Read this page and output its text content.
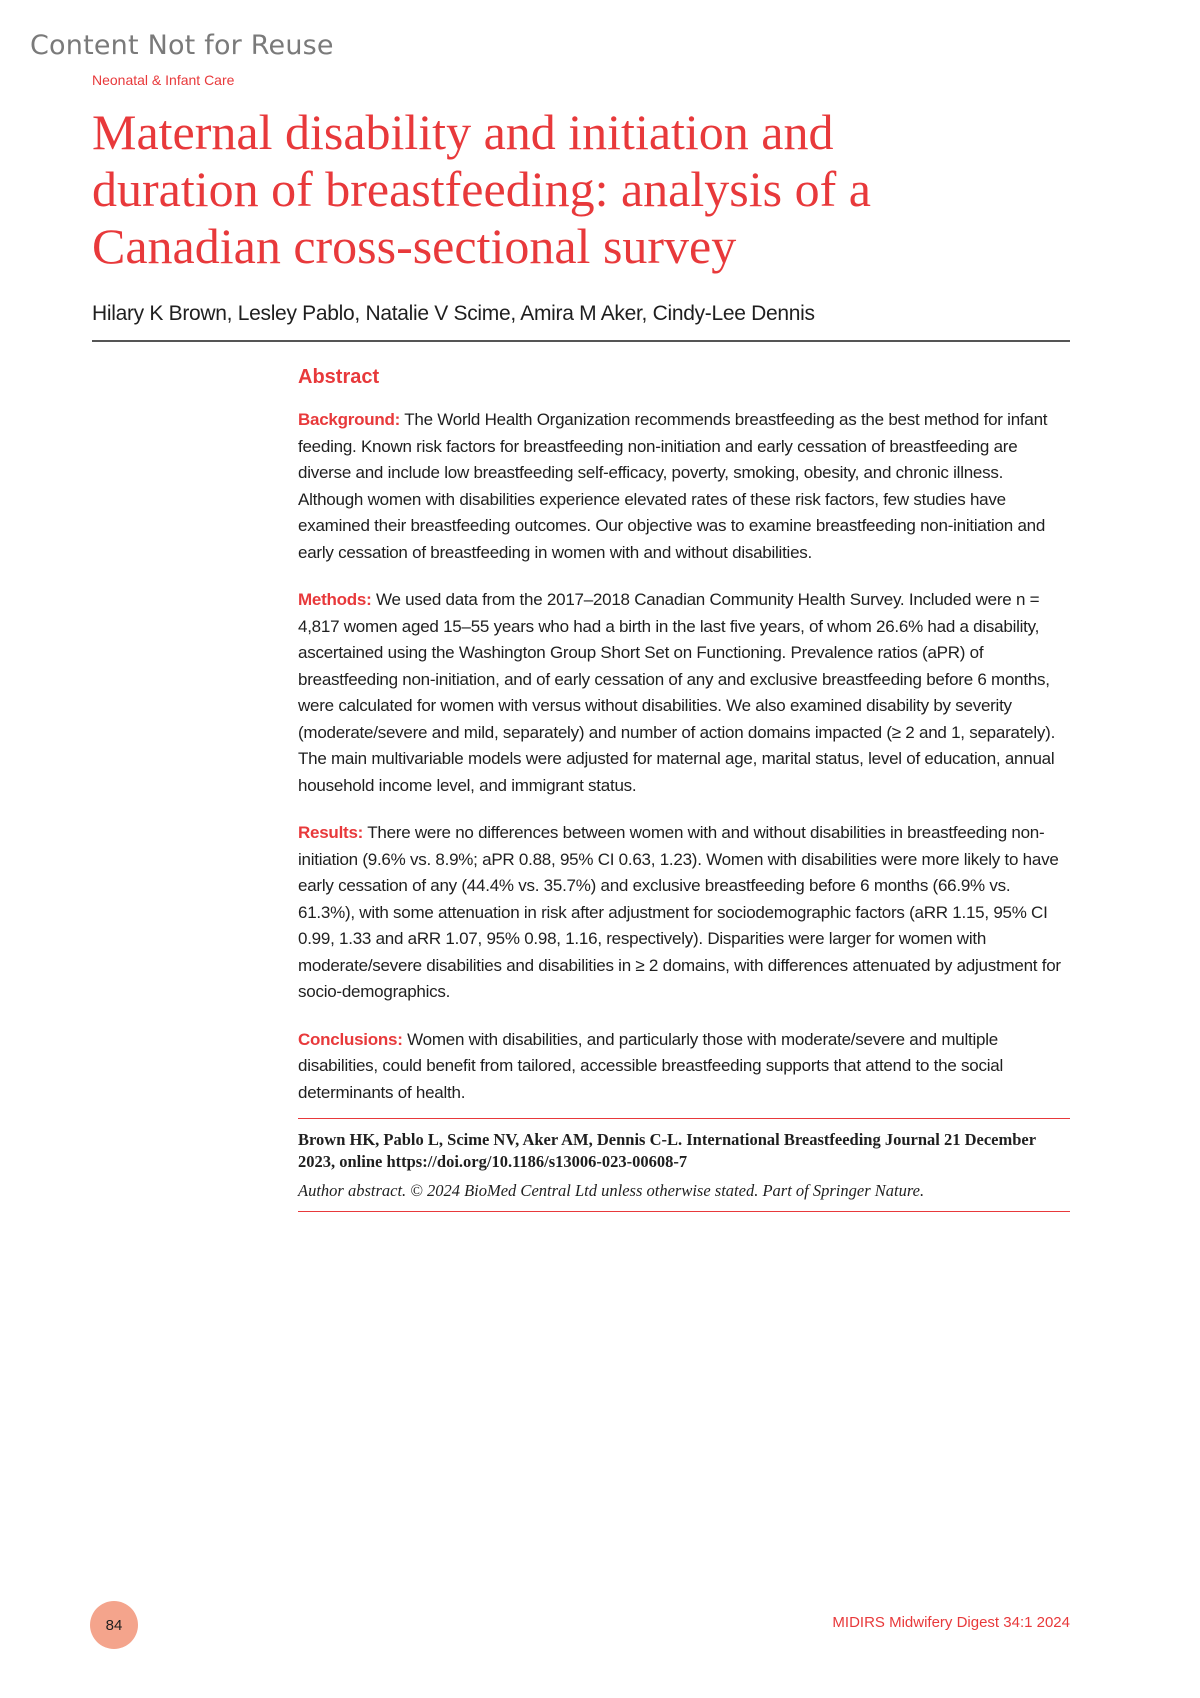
Content Not for Reuse
Neonatal & Infant Care
Maternal disability and initiation and duration of breastfeeding: analysis of a Canadian cross-sectional survey
Hilary K Brown, Lesley Pablo, Natalie V Scime, Amira M Aker, Cindy-Lee Dennis
Abstract

Background: The World Health Organization recommends breastfeeding as the best method for infant feeding. Known risk factors for breastfeeding non-initiation and early cessation of breastfeeding are diverse and include low breastfeeding self-efficacy, poverty, smoking, obesity, and chronic illness. Although women with disabilities experience elevated rates of these risk factors, few studies have examined their breastfeeding outcomes. Our objective was to examine breastfeeding non-initiation and early cessation of breastfeeding in women with and without disabilities.

Methods: We used data from the 2017–2018 Canadian Community Health Survey. Included were n = 4,817 women aged 15–55 years who had a birth in the last five years, of whom 26.6% had a disability, ascertained using the Washington Group Short Set on Functioning. Prevalence ratios (aPR) of breastfeeding non-initiation, and of early cessation of any and exclusive breastfeeding before 6 months, were calculated for women with versus without disabilities. We also examined disability by severity (moderate/severe and mild, separately) and number of action domains impacted (≥ 2 and 1, separately). The main multivariable models were adjusted for maternal age, marital status, level of education, annual household income level, and immigrant status.

Results: There were no differences between women with and without disabilities in breastfeeding non-initiation (9.6% vs. 8.9%; aPR 0.88, 95% CI 0.63, 1.23). Women with disabilities were more likely to have early cessation of any (44.4% vs. 35.7%) and exclusive breastfeeding before 6 months (66.9% vs. 61.3%), with some attenuation in risk after adjustment for sociodemographic factors (aRR 1.15, 95% CI 0.99, 1.33 and aRR 1.07, 95% 0.98, 1.16, respectively). Disparities were larger for women with moderate/severe disabilities and disabilities in ≥ 2 domains, with differences attenuated by adjustment for socio-demographics.

Conclusions: Women with disabilities, and particularly those with moderate/severe and multiple disabilities, could benefit from tailored, accessible breastfeeding supports that attend to the social determinants of health.

Brown HK, Pablo L, Scime NV, Aker AM, Dennis C-L. International Breastfeeding Journal 21 December 2023, online https://doi.org/10.1186/s13006-023-00608-7
Author abstract. © 2024 BioMed Central Ltd unless otherwise stated. Part of Springer Nature.
84	MIDIRS Midwifery Digest 34:1 2024
